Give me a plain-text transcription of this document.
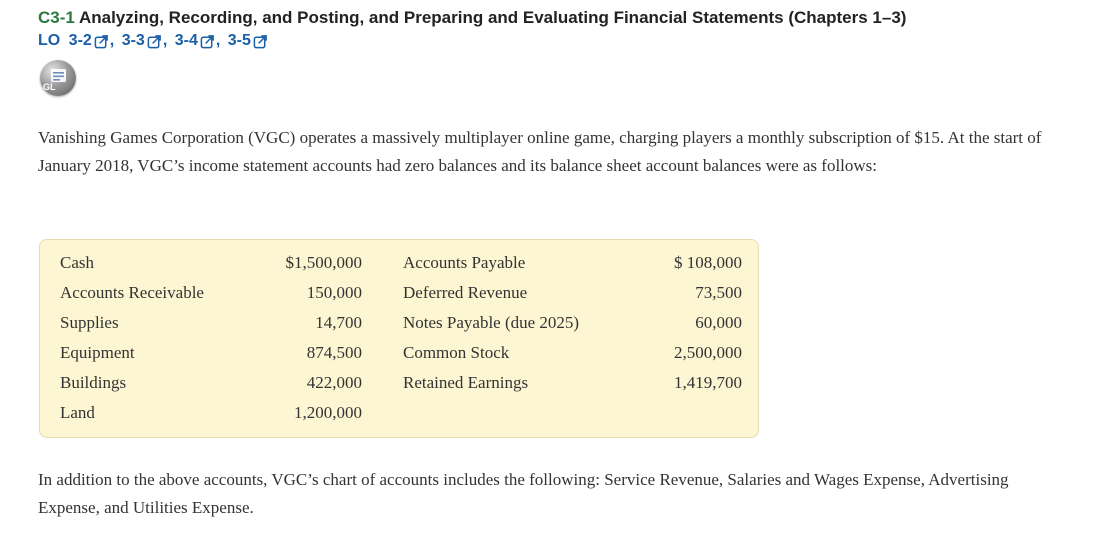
C3-1 Analyzing, Recording, and Posting, and Preparing and Evaluating Financial Statements (Chapters 1–3)
LO 3-2 , 3-3 , 3-4 , 3-5
GL
Vanishing Games Corporation (VGC) operates a massively multiplayer online game, charging players a monthly subscription of $15. At the start of January 2018, VGC’s income statement accounts had zero balances and its balance sheet account balances were as follows:
Cash	$1,500,000 Accounts Payable	$ 108,000
Accounts Receivable	150,000 Deferred Revenue	73,500
Supplies	14,700 Notes Payable (due 2025)	60,000
Equipment	874,500 Common Stock	2,500,000
Buildings	422,000 Retained Earnings	1,419,700
Land	1,200,000
In addition to the above accounts, VGC’s chart of accounts includes the following: Service Revenue, Salaries and Wages Expense, Advertising Expense, and Utilities Expense.
